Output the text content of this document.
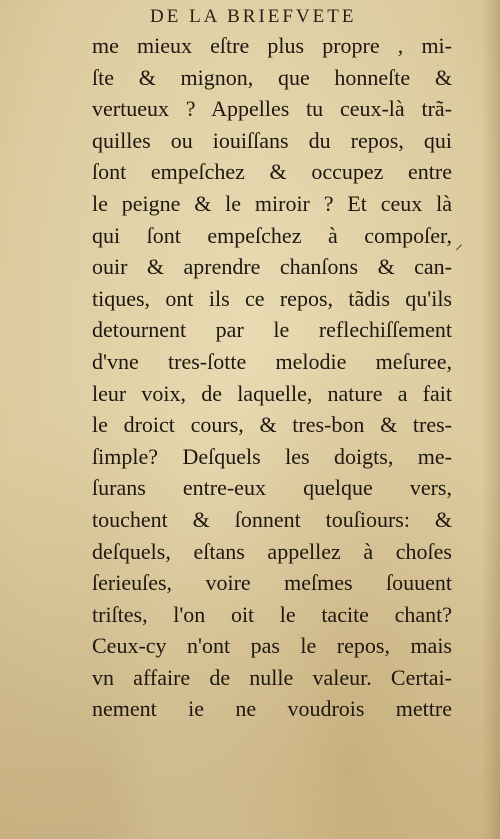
DE LA BRIEFVETE
me mieux eſtre plus propre , mi-
ſte & mignon, que honneſte &
vertueux ? Appelles tu ceux-là trã-
quilles ou iouiſſans du repos, qui
ſont empeſchez & occupez entre
le peigne & le miroir ? Et ceux là
qui ſont empeſchez à compoſer,
ouir & aprendre chanſons & can-
tiques, ont ils ce repos, tãdis qu'ils
detournent par le reflechiſſement
d'vne tres-ſotte melodie meſuree,
leur voix, de laquelle, nature a fait
le droict cours, & tres-bon & tres-
ſimple? Deſquels les doigts, me-
ſurans entre-eux quelque vers,
touchent & ſonnent touſiours: &
deſquels, eſtans appellez à choſes
ſerieuſes, voire meſmes ſouuent
triſtes, l'on oit le tacite chant?
Ceux-cy n'ont pas le repos, mais
vn affaire de nulle valeur. Certai-
nement ie ne voudrois mettre
⸝
